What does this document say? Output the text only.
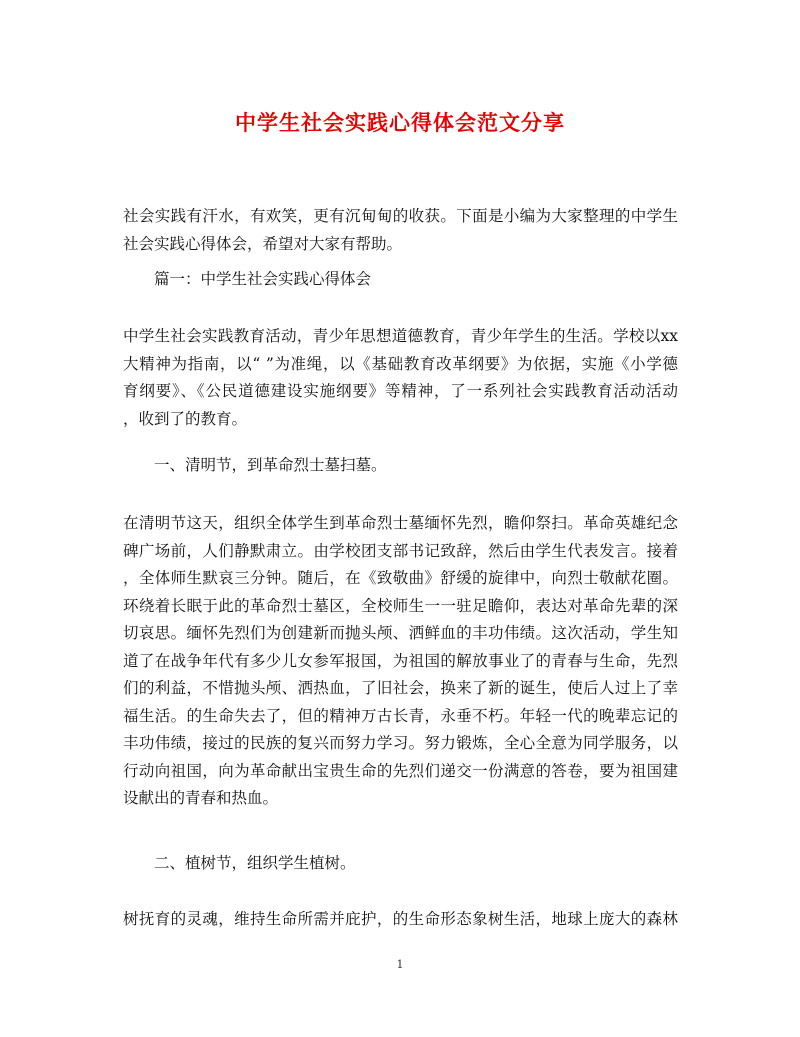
中学生社会实践心得体会范文分享
社会实践有汗水，有欢笑，更有沉甸甸的收获。下面是小编为大家整理的中学生
社会实践心得体会，希望对大家有帮助。
篇一：中学生社会实践心得体会
中学生社会实践教育活动，青少年思想道德教育，青少年学生的生活。学校以xx
大精神为指南，以“ ”为准绳，以《基础教育改革纲要》为依据，实施《小学德
育纲要》、《公民道德建设实施纲要》等精神，了一系列社会实践教育活动活动
，收到了的教育。
一、清明节，到革命烈士墓扫墓。
在清明节这天，组织全体学生到革命烈士墓缅怀先烈，瞻仰祭扫。革命英雄纪念
碑广场前，人们静默肃立。由学校团支部书记致辞，然后由学生代表发言。接着
，全体师生默哀三分钟。随后，在《致敬曲》舒缓的旋律中，向烈士敬献花圈。
环绕着长眠于此的革命烈士墓区，全校师生一一驻足瞻仰，表达对革命先辈的深
切哀思。缅怀先烈们为创建新而抛头颅、洒鲜血的丰功伟绩。这次活动，学生知
道了在战争年代有多少儿女参军报国，为祖国的解放事业了的青春与生命，先烈
们的利益，不惜抛头颅、洒热血，了旧社会，换来了新的诞生，使后人过上了幸
福生活。的生命失去了，但的精神万古长青，永垂不朽。年轻一代的晚辈忘记的
丰功伟绩，接过的民族的复兴而努力学习。努力锻炼，全心全意为同学服务，以
行动向祖国，向为革命献出宝贵生命的先烈们递交一份满意的答卷，要为祖国建
设献出的青春和热血。
二、植树节，组织学生植树。
树抚育的灵魂，维持生命所需并庇护，的生命形态象树生活，地球上庞大的森林
1
